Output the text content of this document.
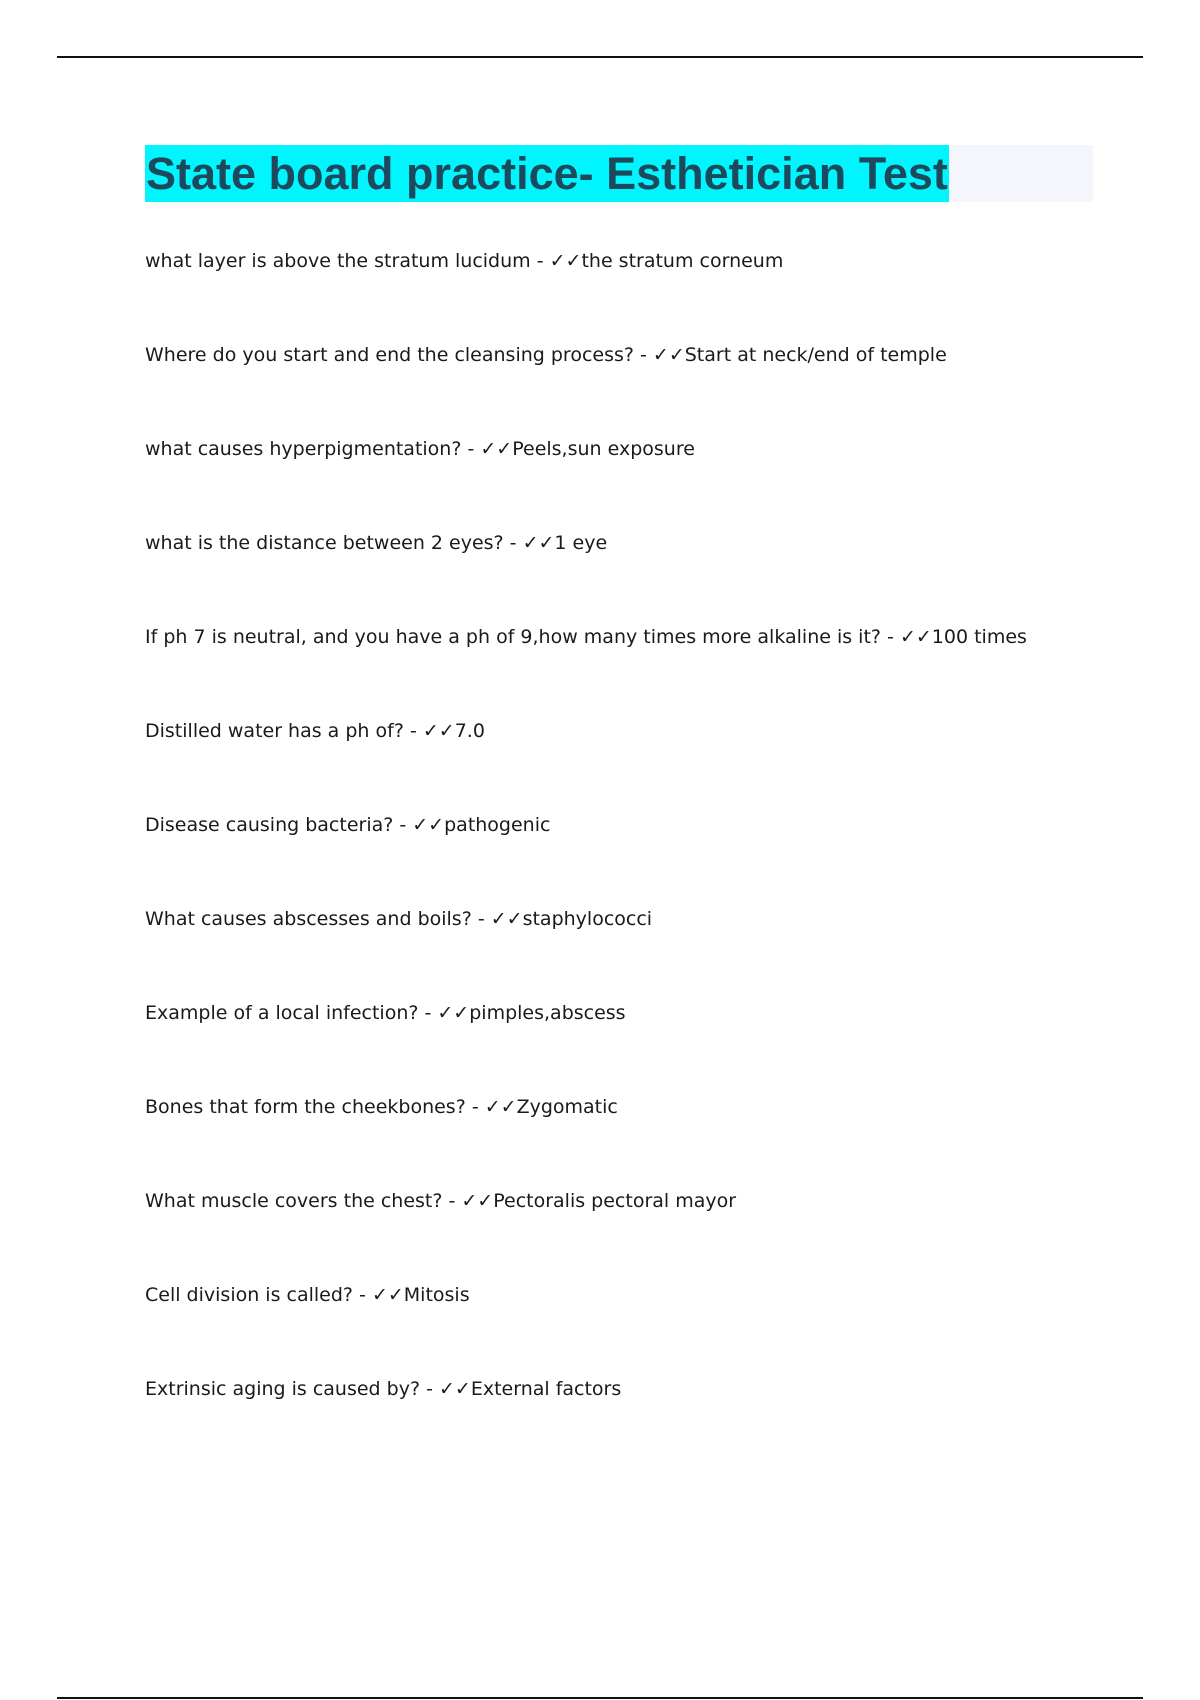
State board practice- Esthetician Test
what layer is above the stratum lucidum - ✓✓the stratum corneum
Where do you start and end the cleansing process? - ✓✓Start at neck/end of temple
what causes hyperpigmentation? - ✓✓Peels,sun exposure
what is the distance between 2 eyes? - ✓✓1 eye
If ph 7 is neutral, and you have a ph of 9,how many times more alkaline is it? - ✓✓100 times
Distilled water has a ph of? - ✓✓7.0
Disease causing bacteria? - ✓✓pathogenic
What causes abscesses and boils? - ✓✓staphylococci
Example of a local infection? - ✓✓pimples,abscess
Bones that form the cheekbones? - ✓✓Zygomatic
What muscle covers the chest? - ✓✓Pectoralis pectoral mayor
Cell division is called? - ✓✓Mitosis
Extrinsic aging is caused by? - ✓✓External factors
